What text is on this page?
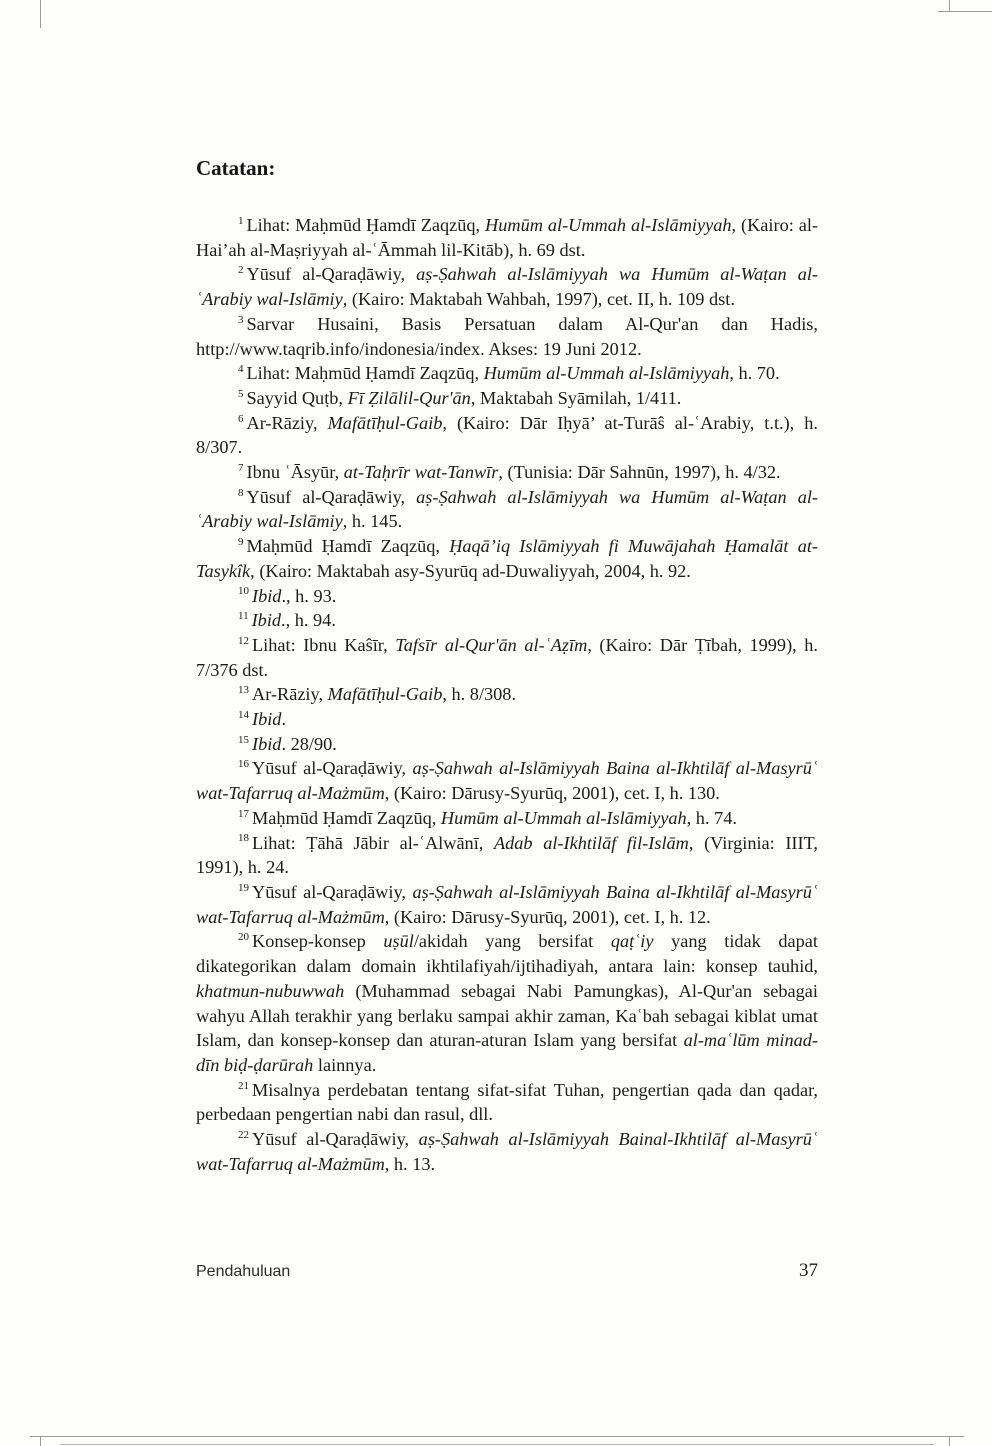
Catatan:

$^1$ Lihat: Maḥmūd Ḥamdī Zaqzūq, Humūm al-Ummah al-Islāmiyyah, (Kairo: al-Hai’ah al-Maṣriyyah al-ʿĀmmah lil-Kitāb), h. 69 dst.

$^2$ Yūsuf al-Qaraḍāwiy, aṣ-Ṣahwah al-Islāmiyyah wa Humūm al-Waṭan al-ʿArabiy wal-Islāmiy, (Kairo: Maktabah Wahbah, 1997), cet. II, h. 109 dst.

$^3$ Sarvar Husaini, Basis Persatuan dalam Al-Qur'an dan Hadis, http://www.taqrib.info/indonesia/index. Akses: 19 Juni 2012.

$^4$ Lihat: Maḥmūd Ḥamdī Zaqzūq, Humūm al-Ummah al-Islāmiyyah, h. 70.

$^5$ Sayyid Quṭb, Fī Ẓilālil-Qur'ān, Maktabah Syāmilah, 1/411.

$^6$ Ar-Rāziy, Mafātīḥul-Gaib, (Kairo: Dār Iḥyā’ at-Turāŝ al-ʿArabiy, t.t.), h. 8/307.

$^7$ Ibnu ʿĀsyūr, at-Taḥrīr wat-Tanwīr, (Tunisia: Dār Sahnūn, 1997), h. 4/32.

$^8$ Yūsuf al-Qaraḍāwiy, aṣ-Ṣahwah al-Islāmiyyah wa Humūm al-Waṭan al-ʿArabiy wal-Islāmiy, h. 145.

$^9$ Maḥmūd Ḥamdī Zaqzūq, Ḥaqā’iq Islāmiyyah fi Muwājahah Ḥamalāt at-Tasykîk, (Kairo: Maktabah asy-Syurūq ad-Duwaliyyah, 2004, h. 92.

$^{10}$ Ibid., h. 93.

$^{11}$ Ibid., h. 94.

$^{12}$ Lihat: Ibnu Kaŝīr, Tafsīr al-Qur'ān al-ʿAẓīm, (Kairo: Dār Ṭībah, 1999), h. 7/376 dst.

$^{13}$ Ar-Rāziy, Mafātīḥul-Gaib, h. 8/308.

$^{14}$ Ibid.

$^{15}$ Ibid. 28/90.

$^{16}$ Yūsuf al-Qaraḍāwiy, aṣ-Ṣahwah al-Islāmiyyah Baina al-Ikhtilāf al-Masyrūʿ wat-Tafarruq al-Mażmūm, (Kairo: Dārusy-Syurūq, 2001), cet. I, h. 130.

$^{17}$ Maḥmūd Ḥamdī Zaqzūq, Humūm al-Ummah al-Islāmiyyah, h. 74.

$^{18}$ Lihat: Ṭāhā Jābir al-ʿAlwānī, Adab al-Ikhtilāf fil-Islām, (Virginia: IIIT, 1991), h. 24.

$^{19}$ Yūsuf al-Qaraḍāwiy, aṣ-Ṣahwah al-Islāmiyyah Baina al-Ikhtilāf al-Masyrūʿ wat-Tafarruq al-Mażmūm, (Kairo: Dārusy-Syurūq, 2001), cet. I, h. 12.

$^{20}$ Konsep-konsep uṣūl/akidah yang bersifat qaṭʿiy yang tidak dapat dikategorikan dalam domain ikhtilafiyah/ijtihadiyah, antara lain: konsep tauhid, khatmun-nubuwwah (Muhammad sebagai Nabi Pamungkas), Al-Qur'an sebagai wahyu Allah terakhir yang berlaku sampai akhir zaman, Kaʿbah sebagai kiblat umat Islam, dan konsep-konsep dan aturan-aturan Islam yang bersifat al-maʿlūm minad-dīn biḍ-ḍarūrah lainnya.

$^{21}$ Misalnya perdebatan tentang sifat-sifat Tuhan, pengertian qada dan qadar, perbedaan pengertian nabi dan rasul, dll.

$^{22}$ Yūsuf al-Qaraḍāwiy, aṣ-Ṣahwah al-Islāmiyyah Bainal-Ikhtilāf al-Masyrūʿ wat-Tafarruq al-Mażmūm, h. 13.

Pendahuluan	37
